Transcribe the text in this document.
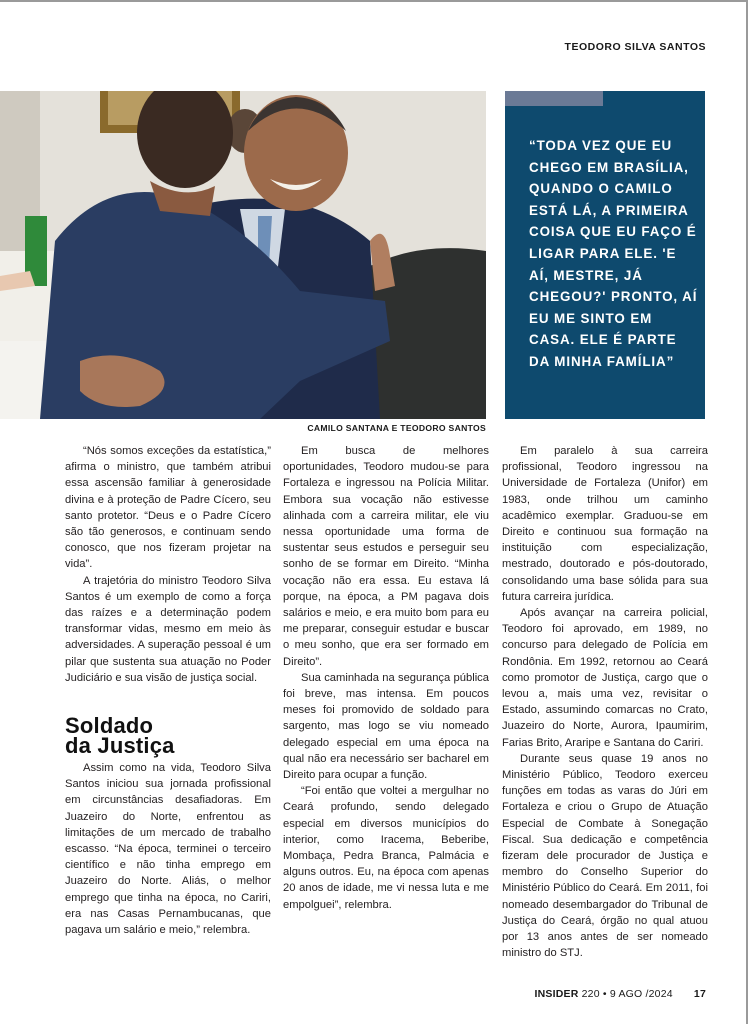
TEODORO SILVA SANTOS
CAMILO SANTANA E TEODORO SANTOS
“TODA VEZ QUE EU CHEGO EM BRASÍLIA, QUANDO O CAMILO ESTÁ LÁ, A PRIMEIRA COISA QUE EU FAÇO É LIGAR PARA ELE. 'E AÍ, MESTRE, JÁ CHEGOU?' PRONTO, AÍ EU ME SINTO EM CASA. ELE É PARTE DA MINHA FAMÍLIA”

“Nós somos exceções da estatística,” afirma o ministro, que também atribui essa ascensão familiar à generosidade divina e à proteção de Padre Cícero, seu santo protetor. “Deus e o Padre Cícero são tão generosos, e continuam sendo conosco, que nos fizeram projetar na vida”.

A trajetória do ministro Teodoro Silva Santos é um exemplo de como a força das raízes e a determinação podem transformar vidas, mesmo em meio às adversidades. A superação pessoal é um pilar que sustenta sua atuação no Poder Judiciário e sua visão de justiça social.

Soldado
da Justiça

Assim como na vida, Teodoro Silva Santos iniciou sua jornada profissional em circunstâncias desafiadoras. Em Juazeiro do Norte, enfrentou as limitações de um mercado de trabalho escasso. “Na época, terminei o terceiro científico e não tinha emprego em Juazeiro do Norte. Aliás, o melhor emprego que tinha na época, no Cariri, era nas Casas Pernambucanas, que pagava um salário e meio,” relembra.

Em busca de melhores oportunidades, Teodoro mudou-se para Fortaleza e ingressou na Polícia Militar. Embora sua vocação não estivesse alinhada com a carreira militar, ele viu nessa oportunidade uma forma de sustentar seus estudos e perseguir seu sonho de se formar em Direito. “Minha vocação não era essa. Eu estava lá porque, na época, a PM pagava dois salários e meio, e era muito bom para eu me preparar, conseguir estudar e buscar o meu sonho, que era ser formado em Direito”.

Sua caminhada na segurança pública foi breve, mas intensa. Em poucos meses foi promovido de soldado para sargento, mas logo se viu nomeado delegado especial em uma época na qual não era necessário ser bacharel em Direito para ocupar a função.

“Foi então que voltei a mergulhar no Ceará profundo, sendo delegado especial em diversos municípios do interior, como Iracema, Beberibe, Mombaça, Pedra Branca, Palmácia e alguns outros. Eu, na época com apenas 20 anos de idade, me vi nessa luta e me empolguei”, relembra.

Em paralelo à sua carreira profissional, Teodoro ingressou na Universidade de Fortaleza (Unifor) em 1983, onde trilhou um caminho acadêmico exemplar. Graduou-se em Direito e continuou sua formação na instituição com especialização, mestrado, doutorado e pós-doutorado, consolidando uma base sólida para sua futura carreira jurídica.

Após avançar na carreira policial, Teodoro foi aprovado, em 1989, no concurso para delegado de Polícia em Rondônia. Em 1992, retornou ao Ceará como promotor de Justiça, cargo que o levou a, mais uma vez, revisitar o Estado, assumindo comarcas no Crato, Juazeiro do Norte, Aurora, Ipaumirim, Farias Brito, Araripe e Santana do Cariri.

Durante seus quase 19 anos no Ministério Público, Teodoro exerceu funções em todas as varas do Júri em Fortaleza e criou o Grupo de Atuação Especial de Combate à Sonegação Fiscal. Sua dedicação e competência fizeram dele procurador de Justiça e membro do Conselho Superior do Ministério Público do Ceará. Em 2011, foi nomeado desembargador do Tribunal de Justiça do Ceará, órgão no qual atuou por 13 anos antes de ser nomeado ministro do STJ.

INSIDER 220 • 9 AGO /2024 17
